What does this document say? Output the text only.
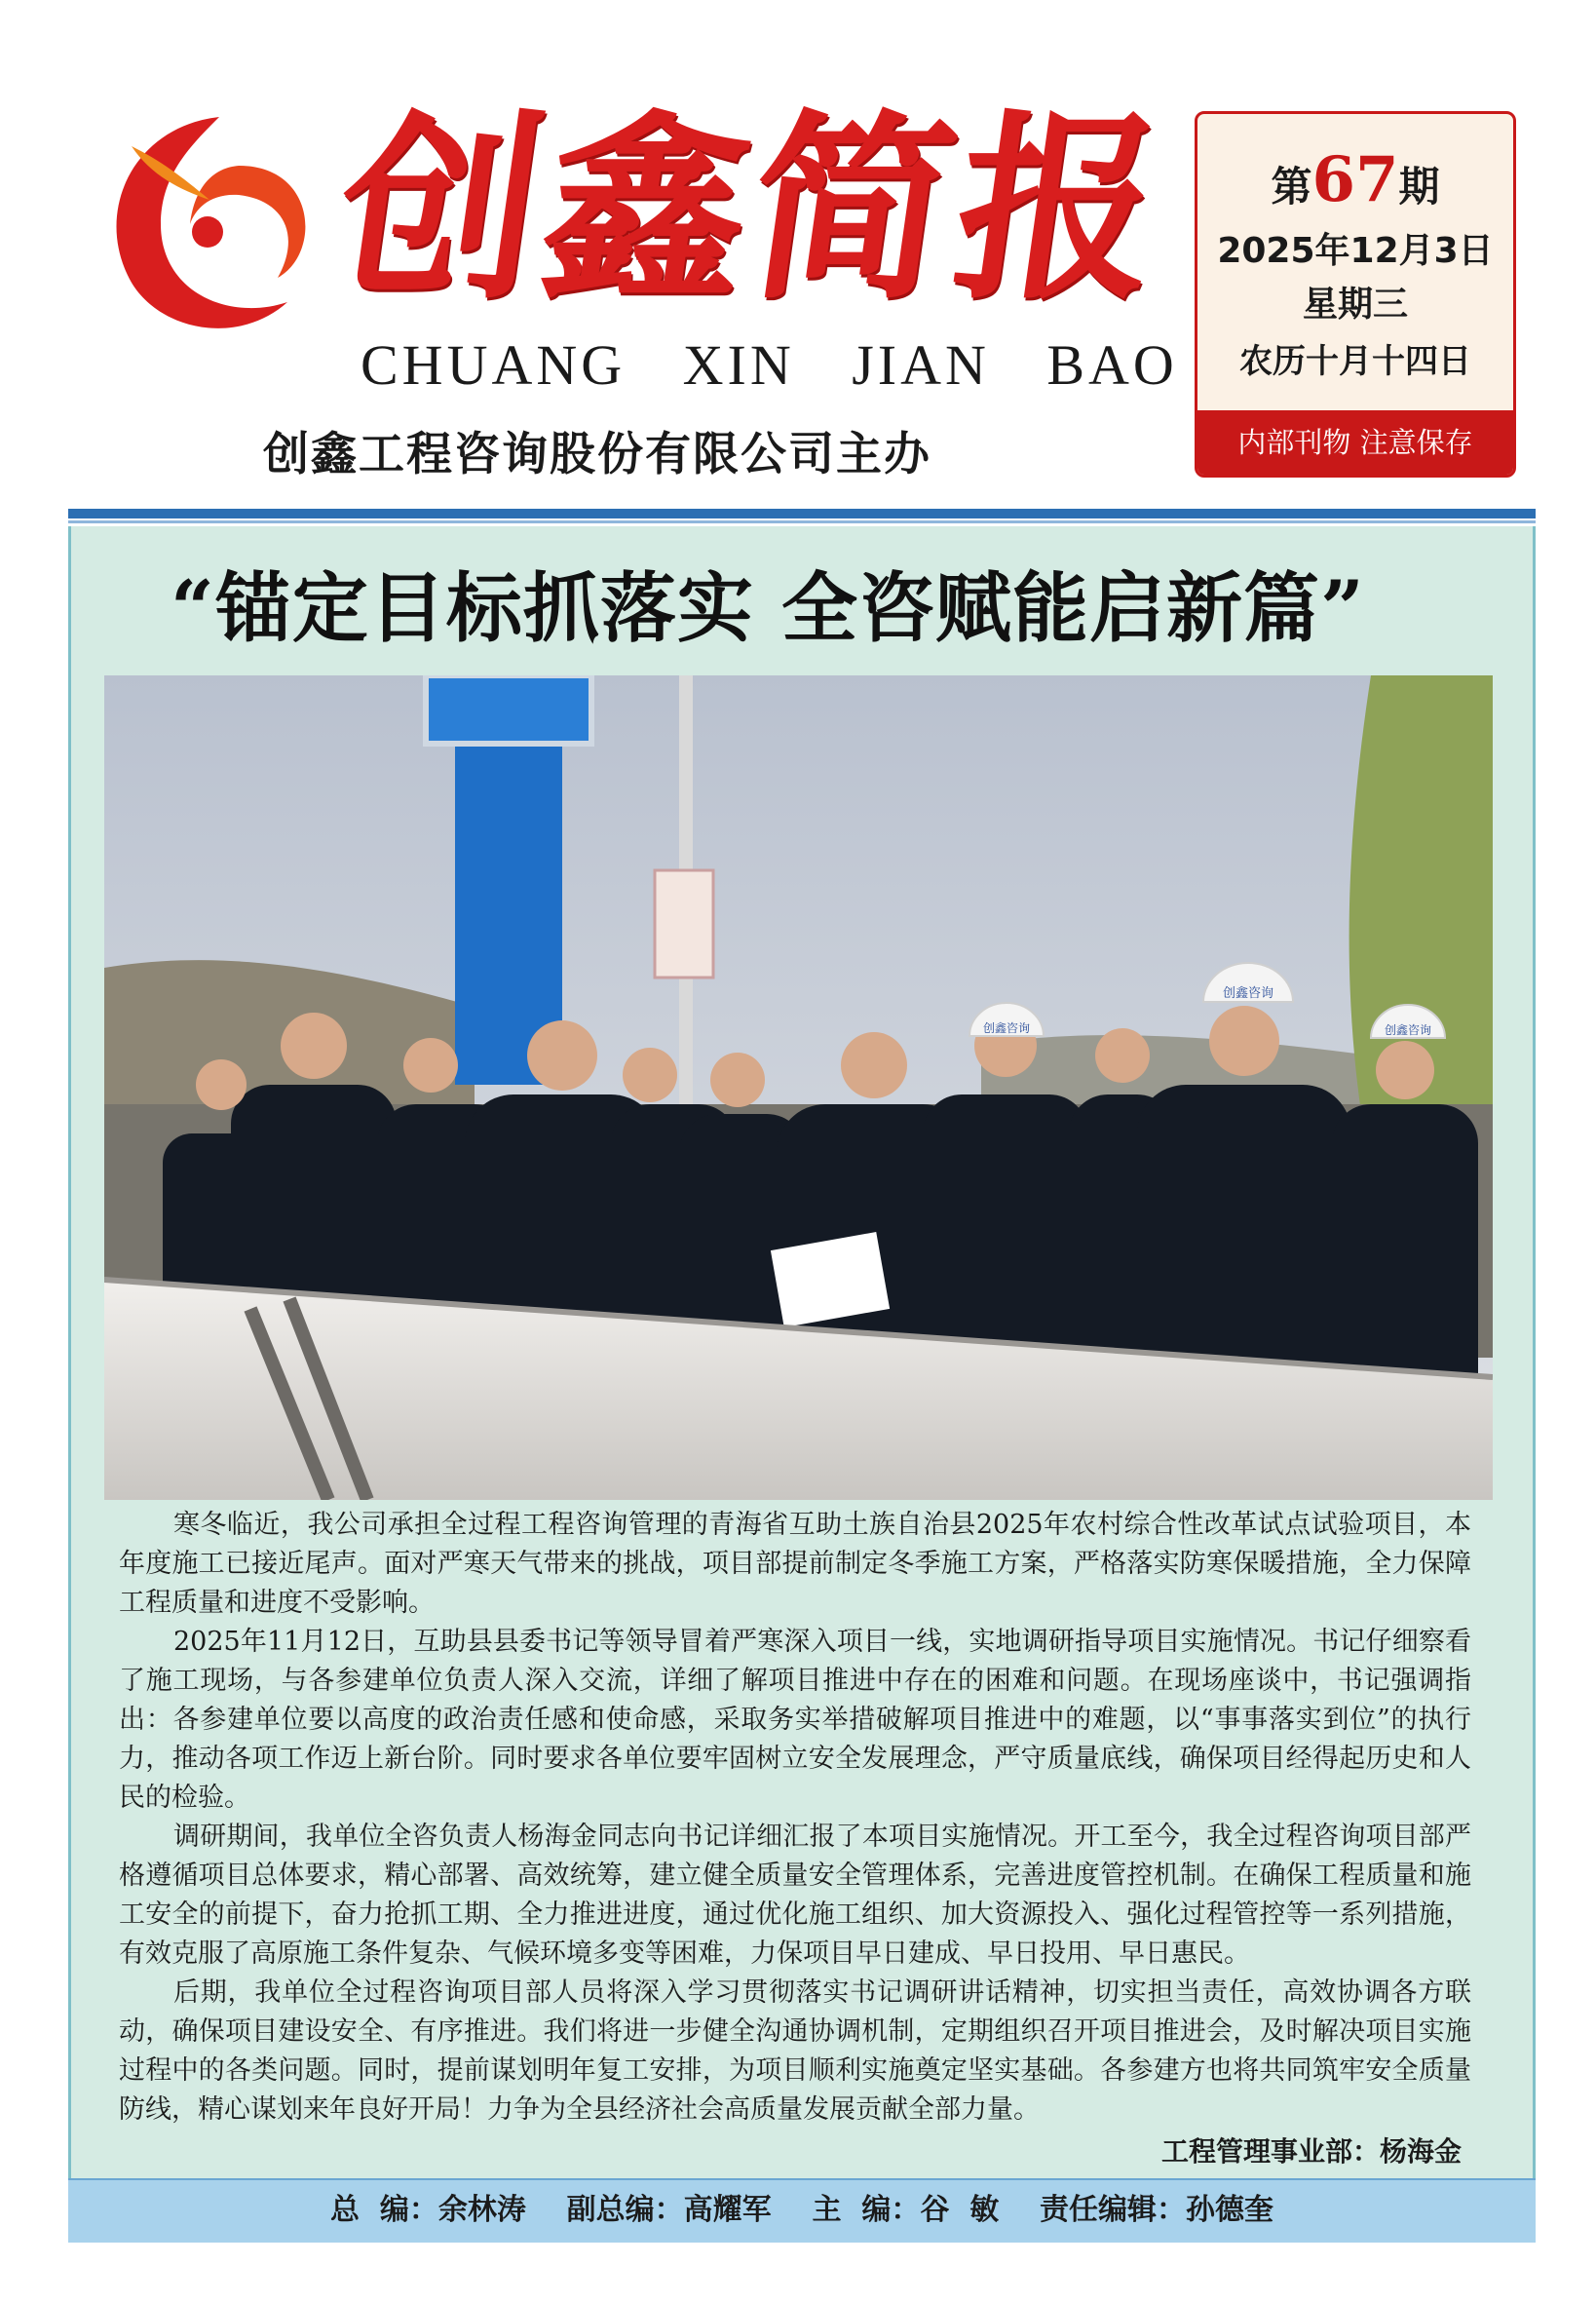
创鑫简报
CHUANG XIN JIAN BAO
创鑫工程咨询股份有限公司主办
第67期
2025年12月3日
星期三
农历十月十四日
内部刊物 注意保存
“锚定目标抓落实 全咨赋能启新篇”
创鑫咨询
创鑫咨询
创鑫咨询

寒冬临近，我公司承担全过程工程咨询管理的青海省互助土族自治县2025年农村综合性改革试点试验项目，本年度施工已接近尾声。面对严寒天气带来的挑战，项目部提前制定冬季施工方案，严格落实防寒保暖措施，全力保障工程质量和进度不受影响。

2025年11月12日，互助县县委书记等领导冒着严寒深入项目一线，实地调研指导项目实施情况。书记仔细察看了施工现场，与各参建单位负责人深入交流，详细了解项目推进中存在的困难和问题。在现场座谈中，书记强调指出：各参建单位要以高度的政治责任感和使命感，采取务实举措破解项目推进中的难题，以“事事落实到位”的执行力，推动各项工作迈上新台阶。同时要求各单位要牢固树立安全发展理念，严守质量底线，确保项目经得起历史和人民的检验。

调研期间，我单位全咨负责人杨海金同志向书记详细汇报了本项目实施情况。开工至今，我全过程咨询项目部严格遵循项目总体要求，精心部署、高效统筹，建立健全质量安全管理体系，完善进度管控机制。在确保工程质量和施工安全的前提下，奋力抢抓工期、全力推进进度，通过优化施工组织、加大资源投入、强化过程管控等一系列措施，有效克服了高原施工条件复杂、气候环境多变等困难，力保项目早日建成、早日投用、早日惠民。

后期，我单位全过程咨询项目部人员将深入学习贯彻落实书记调研讲话精神，切实担当责任，高效协调各方联动，确保项目建设安全、有序推进。我们将进一步健全沟通协调机制，定期组织召开项目推进会，及时解决项目实施过程中的各类问题。同时，提前谋划明年复工安排，为项目顺利实施奠定坚实基础。各参建方也将共同筑牢安全质量防线，精心谋划来年良好开局！力争为全县经济社会高质量发展贡献全部力量。

工程管理事业部：杨海金
总  编：余林涛    副总编：高耀军    主  编：谷  敏    责任编辑：孙德奎
